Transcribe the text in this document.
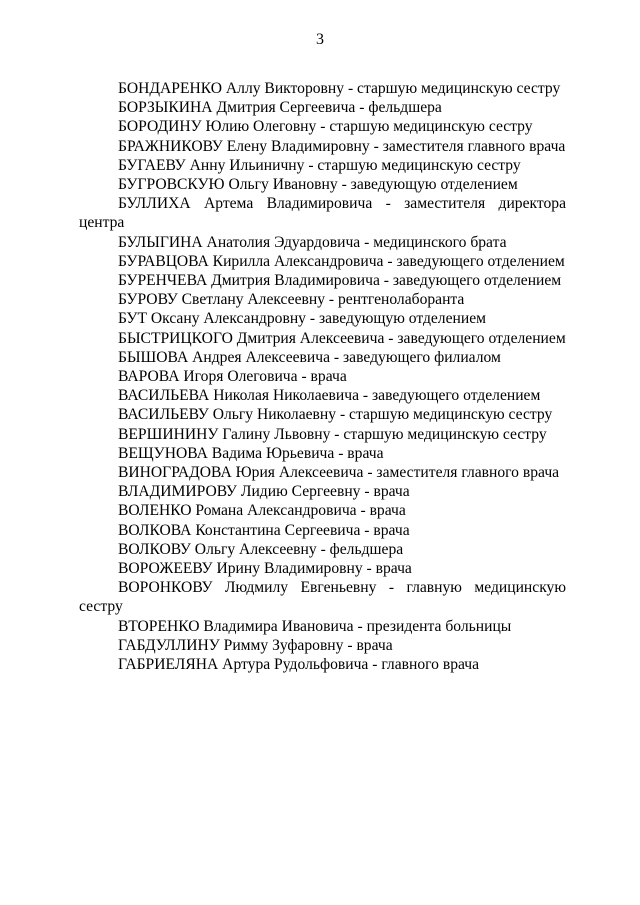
3

БОНДАРЕНКО Аллу Викторовну - старшую медицинскую сестру

БОРЗЫКИНА Дмитрия Сергеевича - фельдшера

БОРОДИНУ Юлию Олеговну - старшую медицинскую сестру

БРАЖНИКОВУ Елену Владимировну - заместителя главного врача

БУГАЕВУ Анну Ильиничну - старшую медицинскую сестру

БУГРОВСКУЮ Ольгу Ивановну - заведующую отделением

БУЛЛИХА Артема Владимировича - заместителя директора центра

БУЛЫГИНА Анатолия Эдуардовича - медицинского брата

БУРАВЦОВА Кирилла Александровича - заведующего отделением

БУРЕНЧЕВА Дмитрия Владимировича - заведующего отделением

БУРОВУ Светлану Алексеевну - рентгенолаборанта

БУТ Оксану Александровну - заведующую отделением

БЫСТРИЦКОГО Дмитрия Алексеевича - заведующего отделением

БЫШОВА Андрея Алексеевича - заведующего филиалом

ВАРОВА Игоря Олеговича - врача

ВАСИЛЬЕВА Николая Николаевича - заведующего отделением

ВАСИЛЬЕВУ Ольгу Николаевну - старшую медицинскую сестру

ВЕРШИНИНУ Галину Львовну - старшую медицинскую сестру

ВЕЩУНОВА Вадима Юрьевича - врача

ВИНОГРАДОВА Юрия Алексеевича - заместителя главного врача

ВЛАДИМИРОВУ Лидию Сергеевну - врача

ВОЛЕНКО Романа Александровича - врача

ВОЛКОВА Константина Сергеевича - врача

ВОЛКОВУ Ольгу Алексеевну - фельдшера

ВОРОЖЕЕВУ Ирину Владимировну - врача

ВОРОНКОВУ Людмилу Евгеньевну - главную медицинскую сестру

ВТОРЕНКО Владимира Ивановича - президента больницы

ГАБДУЛЛИНУ Римму Зуфаровну - врача

ГАБРИЕЛЯНА Артура Рудольфовича - главного врача
